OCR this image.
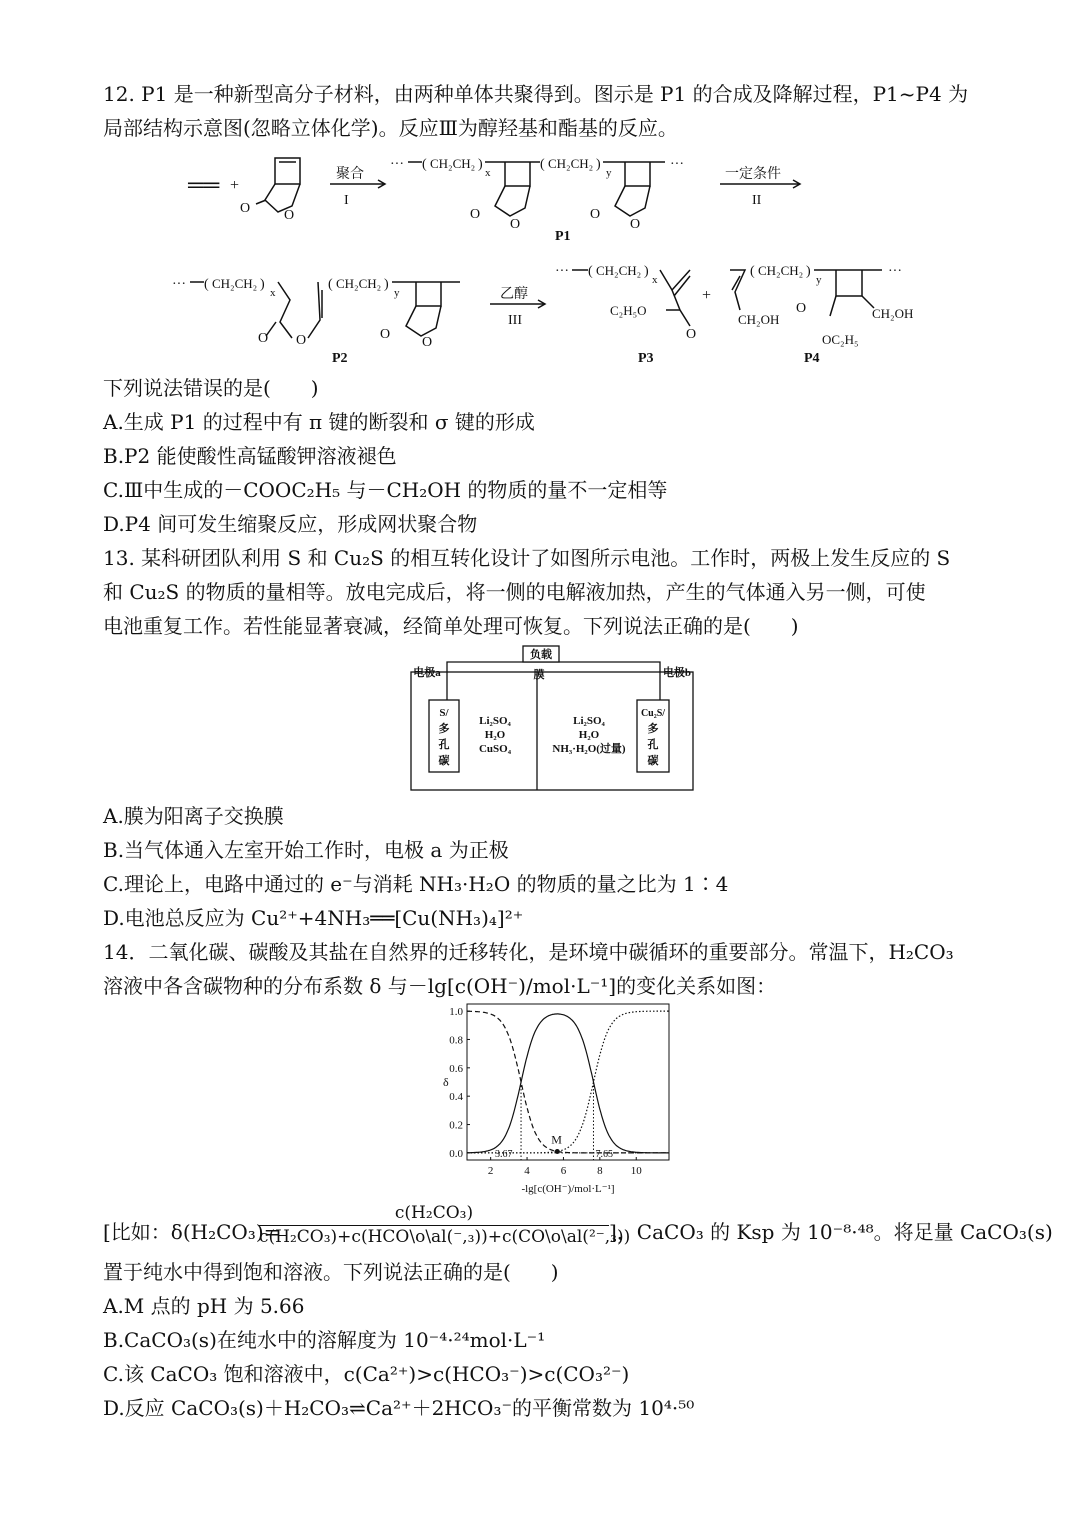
12. P1 是一种新型高分子材料，由两种单体共聚得到。图示是 P1 的合成及降解过程，P1~P4 为
局部结构示意图(忽略立体化学)。反应Ⅲ为醇羟基和酯基的反应。
══ +
O
O
聚合
I
··· ( CH₂CH₂ )
x
O
O
( CH₂CH₂ )
y
O
O
···
P1
一定条件
II
··· ( CH₂CH₂ )
x
O O
( CH₂CH₂ )
y
O
O
P2
乙醇
III
··· ( CH₂CH₂ )
x
O
C₂H₅O
P3
+
CH₂OH
( CH₂CH₂ )
y
CH₂OH
O
OC₂H₅
···
P4
下列说法错误的是(　　)
A.生成 P1 的过程中有 π 键的断裂和 σ 键的形成
B.P2 能使酸性高锰酸钾溶液褪色
C.Ⅲ中生成的－COOC₂H₅ 与－CH₂OH 的物质的量不一定相等
D.P4 间可发生缩聚反应，形成网状聚合物
13. 某科研团队利用 S 和 Cu₂S 的相互转化设计了如图所示电池。工作时，两极上发生反应的 S
和 Cu₂S 的物质的量相等。放电完成后，将一侧的电解液加热，产生的气体通入另一侧，可使
电池重复工作。若性能显著衰减，经简单处理可恢复。下列说法正确的是(　　)
负载
膜
电极a	电极b
S/
多
孔
碳
Cu₂S/
多
孔
碳
Li₂SO₄
H₂O
CuSO₄
Li₂SO₄
H₂O
NH₃·H₂O(过量)
A.膜为阳离子交换膜
B.当气体通入左室开始工作时，电极 a 为正极
C.理论上，电路中通过的 e⁻与消耗 NH₃·H₂O 的物质的量之比为 1∶4
D.电池总反应为 Cu²⁺+4NH₃══[Cu(NH₃)₄]²⁺
14．二氧化碳、碳酸及其盐在自然界的迁移转化，是环境中碳循环的重要部分。常温下，H₂CO₃
溶液中各含碳物种的分布系数 δ 与－lg[c(OH⁻)/mol·L⁻¹]的变化关系如图：
2	4	6	8	10
0.0
0.2
0.4
0.6
0.8
1.0
δ
-lg[c(OH⁻)/mol·L⁻¹]
3.67	7.65
M
[比如：δ(H₂CO₃)=
c(H₂CO₃)
c(H₂CO₃)+c(HCO\o\al(⁻,₃))+c(CO\o\al(²⁻,₃))
]，CaCO₃ 的 Ksp 为 10⁻⁸·⁴⁸。将足量 CaCO₃(s)
置于纯水中得到饱和溶液。下列说法正确的是(　　)
A.M 点的 pH 为 5.66
B.CaCO₃(s)在纯水中的溶解度为 10⁻⁴·²⁴mol·L⁻¹
C.该 CaCO₃ 饱和溶液中，c(Ca²⁺)>c(HCO₃⁻)>c(CO₃²⁻)
D.反应 CaCO₃(s)＋H₂CO₃⇌Ca²⁺＋2HCO₃⁻的平衡常数为 10⁴·⁵⁰
